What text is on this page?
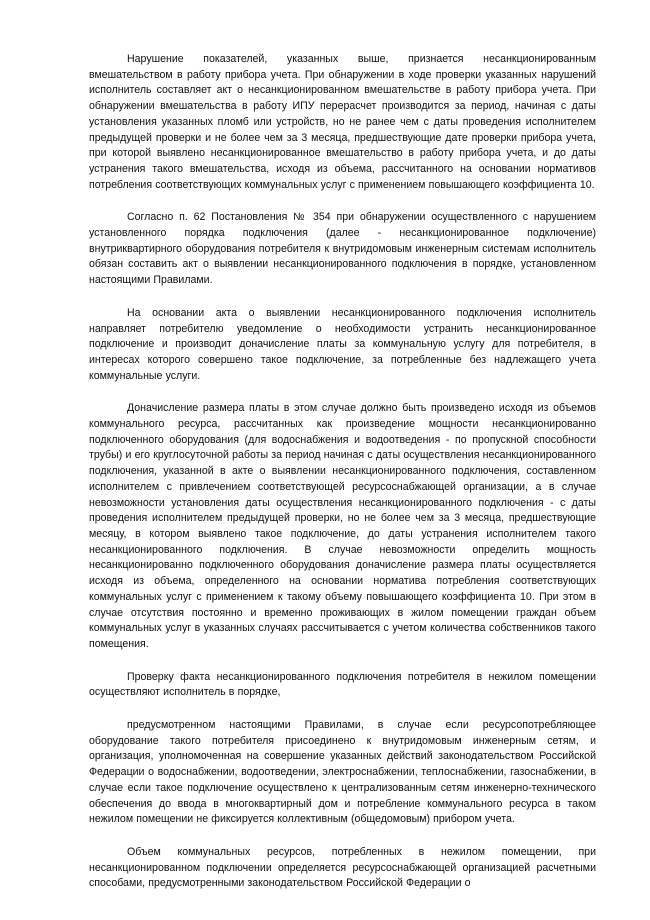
Нарушение показателей, указанных выше, признается несанкционированным вмешательством в работу прибора учета. При обнаружении в ходе проверки указанных нарушений исполнитель составляет акт о несанкционированном вмешательстве в работу прибора учета. При обнаружении вмешательства в работу ИПУ перерасчет производится за период, начиная с даты установления указанных пломб или устройств, но не ранее чем с даты проведения исполнителем предыдущей проверки и не более чем за 3 месяца, предшествующие дате проверки прибора учета, при которой выявлено несанкционированное вмешательство в работу прибора учета, и до даты устранения такого вмешательства, исходя из объема, рассчитанного на основании нормативов потребления соответствующих коммунальных услуг с применением повышающего коэффициента 10.

Согласно п. 62 Постановления № 354 при обнаружении осуществленного с нарушением установленного порядка подключения (далее - несанкционированное подключение) внутриквартирного оборудования потребителя к внутридомовым инженерным системам исполнитель обязан составить акт о выявлении несанкционированного подключения в порядке, установленном настоящими Правилами.

На основании акта о выявлении несанкционированного подключения исполнитель направляет потребителю уведомление о необходимости устранить несанкционированное подключение и производит доначисление платы за коммунальную услугу для потребителя, в интересах которого совершено такое подключение, за потребленные без надлежащего учета коммунальные услуги.

Доначисление размера платы в этом случае должно быть произведено исходя из объемов коммунального ресурса, рассчитанных как произведение мощности несанкционированно подключенного оборудования (для водоснабжения и водоотведения - по пропускной способности трубы) и его круглосуточной работы за период начиная с даты осуществления несанкционированного подключения, указанной в акте о выявлении несанкционированного подключения, составленном исполнителем с привлечением соответствующей ресурсоснабжающей организации, а в случае невозможности установления даты осуществления несанкционированного подключения - с даты проведения исполнителем предыдущей проверки, но не более чем за 3 месяца, предшествующие месяцу, в котором выявлено такое подключение, до даты устранения исполнителем такого несанкционированного подключения. В случае невозможности определить мощность несанкционированно подключенного оборудования доначисление размера платы осуществляется исходя из объема, определенного на основании норматива потребления соответствующих коммунальных услуг с применением к такому объему повышающего коэффициента 10. При этом в случае отсутствия постоянно и временно проживающих в жилом помещении граждан объем коммунальных услуг в указанных случаях рассчитывается с учетом количества собственников такого помещения.

Проверку факта несанкционированного подключения потребителя в нежилом помещении осуществляют исполнитель в порядке,

предусмотренном настоящими Правилами, в случае если ресурсопотребляющее оборудование такого потребителя присоединено к внутридомовым инженерным сетям, и организация, уполномоченная на совершение указанных действий законодательством Российской Федерации о водоснабжении, водоотведении, электроснабжении, теплоснабжении, газоснабжении, в случае если такое подключение осуществлено к централизованным сетям инженерно-технического обеспечения до ввода в многоквартирный дом и потребление коммунального ресурса в таком нежилом помещении не фиксируется коллективным (общедомовым) прибором учета.

Объем коммунальных ресурсов, потребленных в нежилом помещении, при несанкционированном подключении определяется ресурсоснабжающей организацией расчетными способами, предусмотренными законодательством Российской Федерации о
